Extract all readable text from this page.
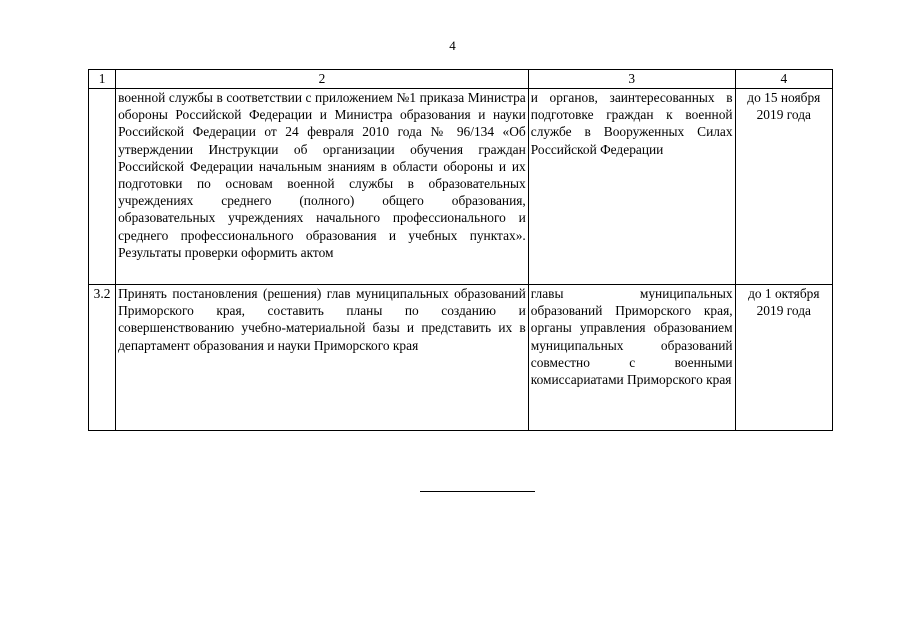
4
1	2	3	4
	военной службы в соответствии с приложением №1 приказа Министра обороны Российской Федерации и Министра образования и науки Российской Федерации от 24 февраля 2010 года № 96/134 «Об утверждении Инструкции об организации обучения граждан Российской Федерации начальным знаниям в области обороны и их подготовки по основам военной службы в образовательных учреждениях среднего (полного) общего образования, образовательных учреждениях начального профессионального и среднего профессионального образования и учебных пунктах». Результаты проверки оформить актом	и органов, заинтересованных в подготовке граждан к военной службе в Вооруженных Силах Российской Федерации	до 15 ноября 2019 года
3.2	Принять постановления (решения) глав муниципальных образований Приморского края, составить планы по созданию и совершенствованию учебно-материальной базы и представить их в департамент образования и науки Приморского края	главы муниципальных образований Приморского края, органы управления образованием муниципальных образований совместно с военными комиссариатами Приморского края	до 1 октября 2019 года
